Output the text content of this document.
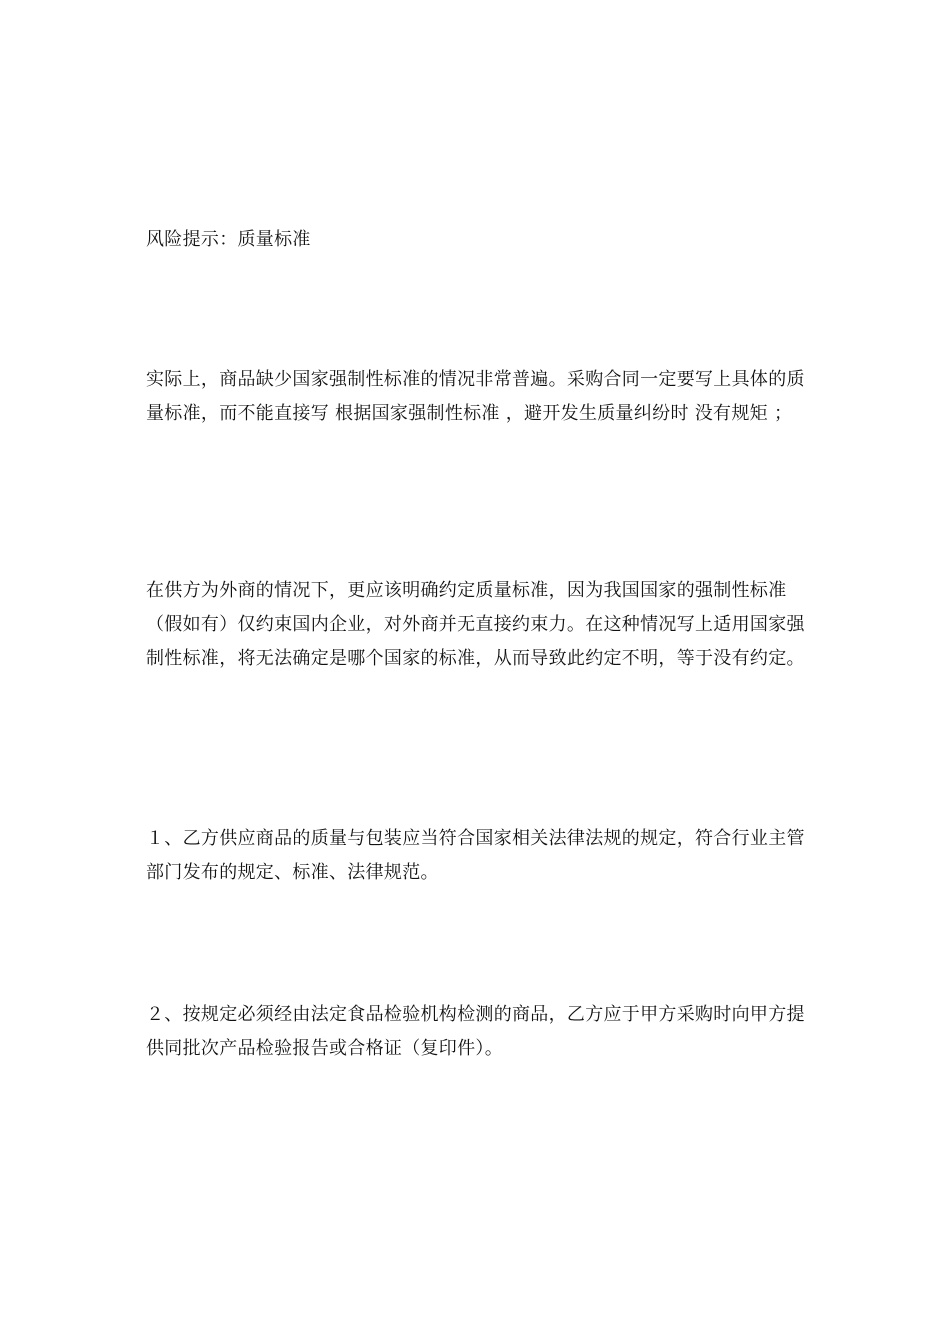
风险提示：质量标准

实际上，商品缺少国家强制性标准的情况非常普遍。采购合同一定要写上具体的质量标准，而不能直接写 根据国家强制性标准 ，避开发生质量纠纷时 没有规矩 ；

在供方为外商的情况下，更应该明确约定质量标准，因为我国国家的强制性标准（假如有）仅约束国内企业，对外商并无直接约束力。在这种情况写上适用国家强制性标准，将无法确定是哪个国家的标准，从而导致此约定不明，等于没有约定。

１、乙方供应商品的质量与包装应当符合国家相关法律法规的规定，符合行业主管部门发布的规定、标准、法律规范。

２、按规定必须经由法定食品检验机构检测的商品，乙方应于甲方采购时向甲方提供同批次产品检验报告或合格证（复印件）。
